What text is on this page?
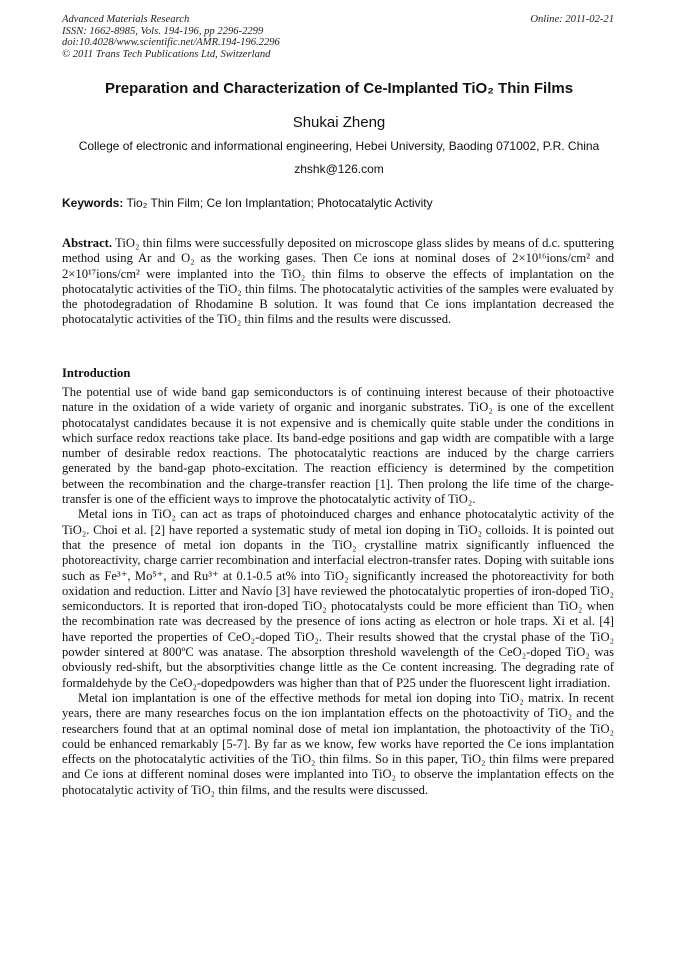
Advanced Materials Research
ISSN: 1662-8985, Vols. 194-196, pp 2296-2299
doi:10.4028/www.scientific.net/AMR.194-196.2296
© 2011 Trans Tech Publications Ltd, Switzerland
Online: 2011-02-21
Preparation and Characterization of Ce-Implanted TiO₂ Thin Films
Shukai Zheng
College of electronic and informational engineering, Hebei University, Baoding 071002, P.R. China
zhshk@126.com
Keywords: Tio₂ Thin Film; Ce Ion Implantation; Photocatalytic Activity
Abstract. TiO₂ thin films were successfully deposited on microscope glass slides by means of d.c. sputtering method using Ar and O₂ as the working gases. Then Ce ions at nominal doses of 2×10¹⁶ions/cm² and 2×10¹⁷ions/cm² were implanted into the TiO₂ thin films to observe the effects of implantation on the photocatalytic activities of the TiO₂ thin films. The photocatalytic activities of the samples were evaluated by the photodegradation of Rhodamine B solution. It was found that Ce ions implantation decreased the photocatalytic activities of the TiO₂ thin films and the results were discussed.
Introduction

The potential use of wide band gap semiconductors is of continuing interest because of their photoactive nature in the oxidation of a wide variety of organic and inorganic substrates. TiO₂ is one of the excellent photocatalyst candidates because it is not expensive and is chemically quite stable under the conditions in which surface redox reactions take place. Its band-edge positions and gap width are compatible with a large number of desirable redox reactions. The photocatalytic reactions are induced by the charge carriers generated by the band-gap photo-excitation. The reaction efficiency is determined by the competition between the recombination and the charge-transfer reaction [1]. Then prolong the life time of the charge-transfer is one of the efficient ways to improve the photocatalytic activity of TiO₂.

Metal ions in TiO₂ can act as traps of photoinduced charges and enhance photocatalytic activity of the TiO₂. Choi et al. [2] have reported a systematic study of metal ion doping in TiO₂ colloids. It is pointed out that the presence of metal ion dopants in the TiO₂ crystalline matrix significantly influenced the photoreactivity, charge carrier recombination and interfacial electron-transfer rates. Doping with suitable ions such as Fe³⁺, Mo⁵⁺, and Ru³⁺ at 0.1-0.5 at% into TiO₂ significantly increased the photoreactivity for both oxidation and reduction. Litter and Navío [3] have reviewed the photocatalytic properties of iron-doped TiO₂ semiconductors. It is reported that iron-doped TiO₂ photocatalysts could be more efficient than TiO₂ when the recombination rate was decreased by the presence of ions acting as electron or hole traps. Xi et al. [4] have reported the properties of CeO₂-doped TiO₂. Their results showed that the crystal phase of the TiO₂ powder sintered at 800ºC was anatase. The absorption threshold wavelength of the CeO₂-doped TiO₂ was obviously red-shift, but the absorptivities change little as the Ce content increasing. The degrading rate of formaldehyde by the CeO₂-dopedpowders was higher than that of P25 under the fluorescent light irradiation.

Metal ion implantation is one of the effective methods for metal ion doping into TiO₂ matrix. In recent years, there are many researches focus on the ion implantation effects on the photoactivity of TiO₂ and the researchers found that at an optimal nominal dose of metal ion implantation, the photoactivity of the TiO₂ could be enhanced remarkably [5-7]. By far as we know, few works have reported the Ce ions implantation effects on the photocatalytic activities of the TiO₂ thin films. So in this paper, TiO₂ thin films were prepared and Ce ions at different nominal doses were implanted into TiO₂ to observe the implantation effects on the photocatalytic activity of TiO₂ thin films, and the results were discussed.
